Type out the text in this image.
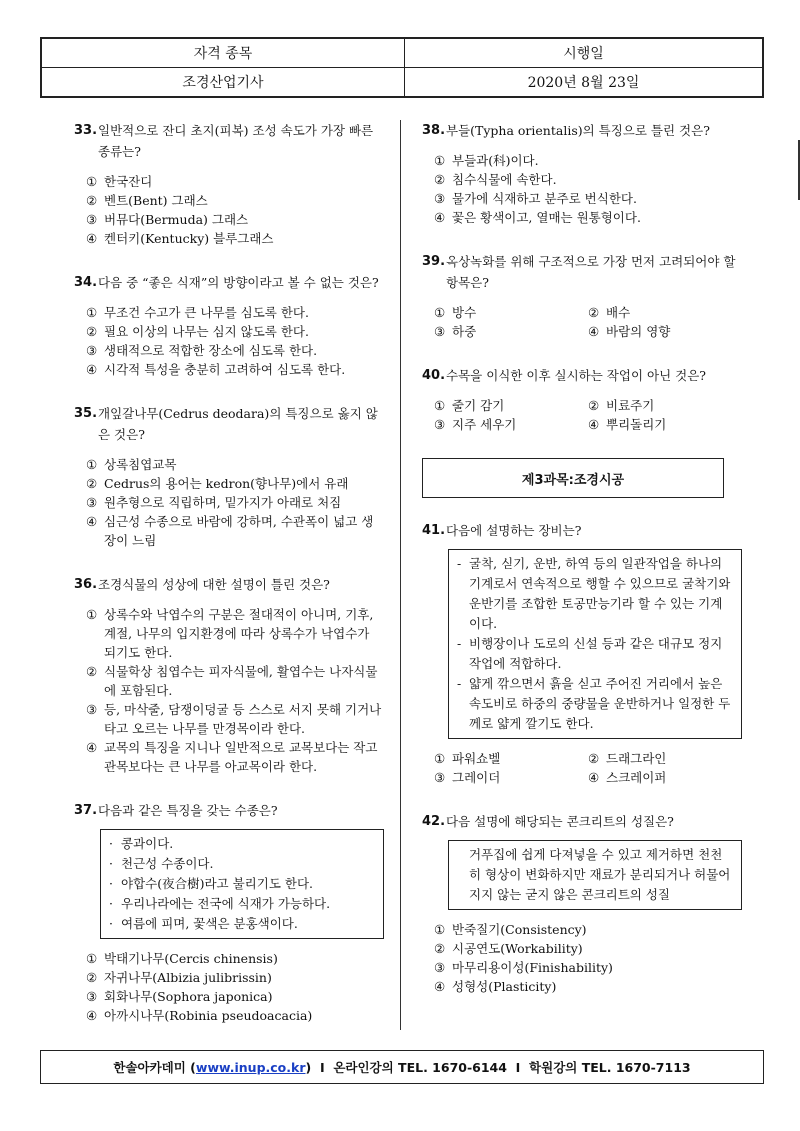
자격 종목	시행일
조경산업기사	2020년 8월 23일
33. 일반적으로 잔디 초지(피복) 조성 속도가 가장 빠른 종류는?
① 한국잔디
② 벤트(Bent) 그래스
③ 버뮤다(Bermuda) 그래스
④ 켄터키(Kentucky) 블루그래스
34. 다음 중 “좋은 식재”의 방향이라고 볼 수 없는 것은?
① 무조건 수고가 큰 나무를 심도록 한다.
② 필요 이상의 나무는 심지 않도록 한다.
③ 생태적으로 적합한 장소에 심도록 한다.
④ 시각적 특성을 충분히 고려하여 심도록 한다.
35. 개잎갈나무(Cedrus deodara)의 특징으로 옳지 않은 것은?
① 상록침엽교목
② Cedrus의 용어는 kedron(향나무)에서 유래
③ 원추형으로 직립하며, 밑가지가 아래로 처짐
④ 심근성 수종으로 바람에 강하며, 수관폭이 넓고 생장이 느림
36. 조경식물의 성상에 대한 설명이 틀린 것은?
① 상록수와 낙엽수의 구분은 절대적이 아니며, 기후, 계절, 나무의 입지환경에 따라 상록수가 낙엽수가 되기도 한다.
② 식물학상 침엽수는 피자식물에, 활엽수는 나자식물에 포함된다.
③ 등, 마삭줄, 담쟁이덩굴 등 스스로 서지 못해 기거나 타고 오르는 나무를 만경목이라 한다.
④ 교목의 특징을 지니나 일반적으로 교목보다는 작고 관목보다는 큰 나무를 아교목이라 한다.
37. 다음과 같은 특징을 갖는 수종은?
· 콩과이다.
· 천근성 수종이다.
· 야합수(夜合樹)라고 불리기도 한다.
· 우리나라에는 전국에 식재가 가능하다.
· 여름에 피며, 꽃색은 분홍색이다.
① 박태기나무(Cercis chinensis)
② 자귀나무(Albizia julibrissin)
③ 회화나무(Sophora japonica)
④ 아까시나무(Robinia pseudoacacia)
38. 부들(Typha orientalis)의 특징으로 틀린 것은?
① 부들과(科)이다.
② 침수식물에 속한다.
③ 물가에 식재하고 분주로 번식한다.
④ 꽃은 황색이고, 열매는 원통형이다.
39. 옥상녹화를 위해 구조적으로 가장 먼저 고려되어야 할 항목은?
① 방수	② 배수
③ 하중	④ 바람의 영향
40. 수목을 이식한 이후 실시하는 작업이 아닌 것은?
① 줄기 감기	② 비료주기
③ 지주 세우기	④ 뿌리돌리기
제3과목:조경시공
41. 다음에 설명하는 장비는?
- 굴착, 싣기, 운반, 하역 등의 일관작업을 하나의 기계로서 연속적으로 행할 수 있으므로 굴착기와 운반기를 조합한 토공만능기라 할 수 있는 기계이다.
- 비행장이나 도로의 신설 등과 같은 대규모 정지작업에 적합하다.
- 얇게 깎으면서 흙을 싣고 주어진 거리에서 높은 속도비로 하중의 중량물을 운반하거나 일정한 두께로 얇게 깔기도 한다.
① 파워쇼벨	② 드래그라인
③ 그레이더	④ 스크레이퍼
42. 다음 설명에 해당되는 콘크리트의 성질은?
거푸집에 쉽게 다져넣을 수 있고 제거하면 천천히 형상이 변화하지만 재료가 분리되거나 허물어지지 않는 굳지 않은 콘크리트의 성질
① 반죽질기(Consistency)
② 시공연도(Workability)
③ 마무리용이성(Finishability)
④ 성형성(Plasticity)
한솔아카데미 ( www.inup.co.kr ) I
온라인강의 TEL. 1670-6144
I
학원강의 TEL. 1670-7113
